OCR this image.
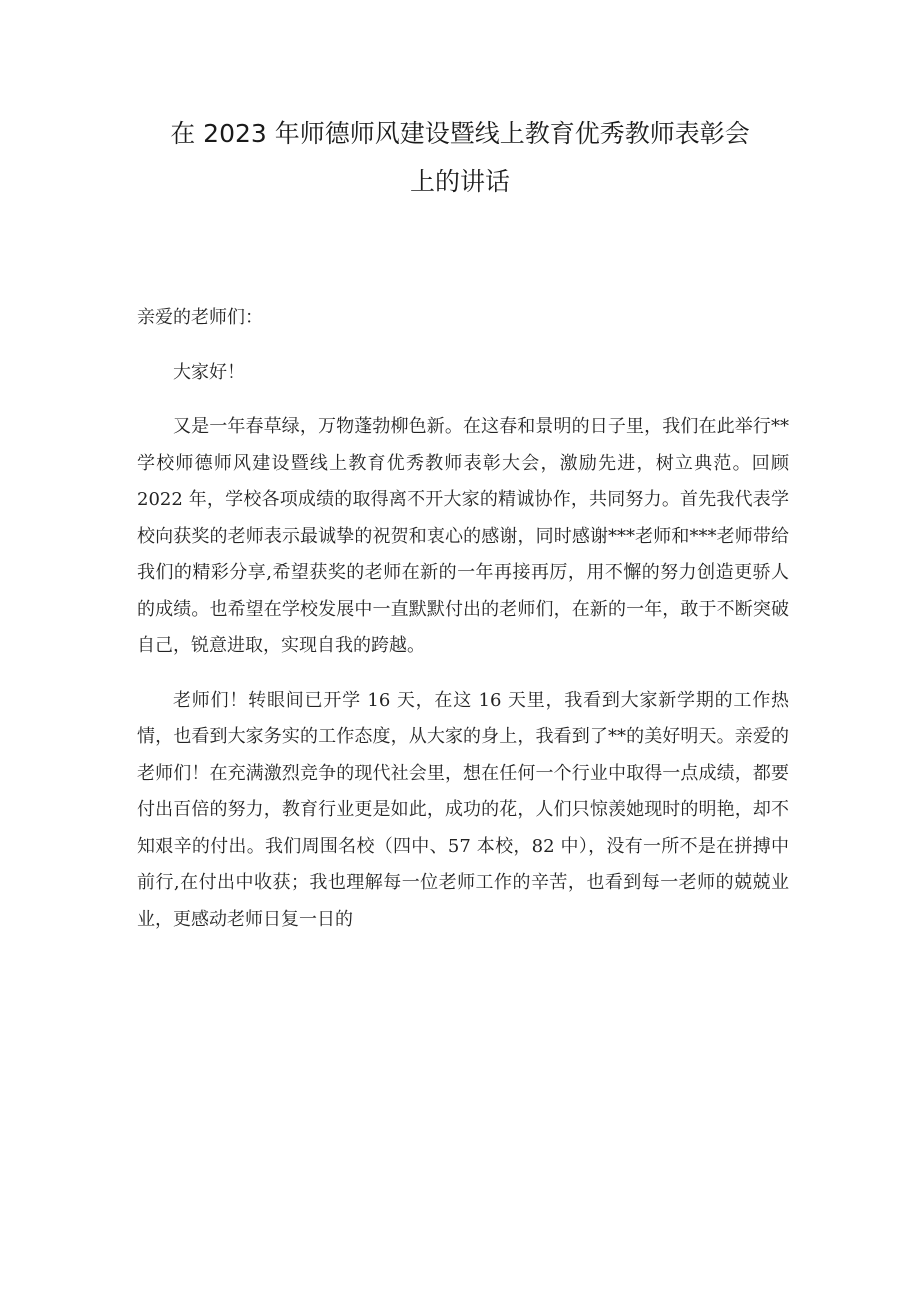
在 2023 年师德师风建设暨线上教育优秀教师表彰会
上的讲话

亲爱的老师们：

大家好！

又是一年春草绿，万物蓬勃柳色新。在这春和景明的日子里，我们在此举行**学校师德师风建设暨线上教育优秀教师表彰大会，激励先进，树立典范。回顾 2022 年，学校各项成绩的取得离不开大家的精诚协作，共同努力。首先我代表学校向获奖的老师表示最诚挚的祝贺和衷心的感谢，同时感谢***老师和***老师带给我们的精彩分享,希望获奖的老师在新的一年再接再厉，用不懈的努力创造更骄人的成绩。也希望在学校发展中一直默默付出的老师们，在新的一年，敢于不断突破自己，锐意进取，实现自我的跨越。

老师们！转眼间已开学 16 天，在这 16 天里，我看到大家新学期的工作热情，也看到大家务实的工作态度，从大家的身上，我看到了**的美好明天。亲爱的老师们！在充满激烈竞争的现代社会里，想在任何一个行业中取得一点成绩，都要付出百倍的努力，教育行业更是如此，成功的花，人们只惊羡她现时的明艳，却不知艰辛的付出。我们周围名校（四中、57 本校，82 中），没有一所不是在拼搏中前行,在付出中收获；我也理解每一位老师工作的辛苦，也看到每一老师的兢兢业业，更感动老师日复一日的
